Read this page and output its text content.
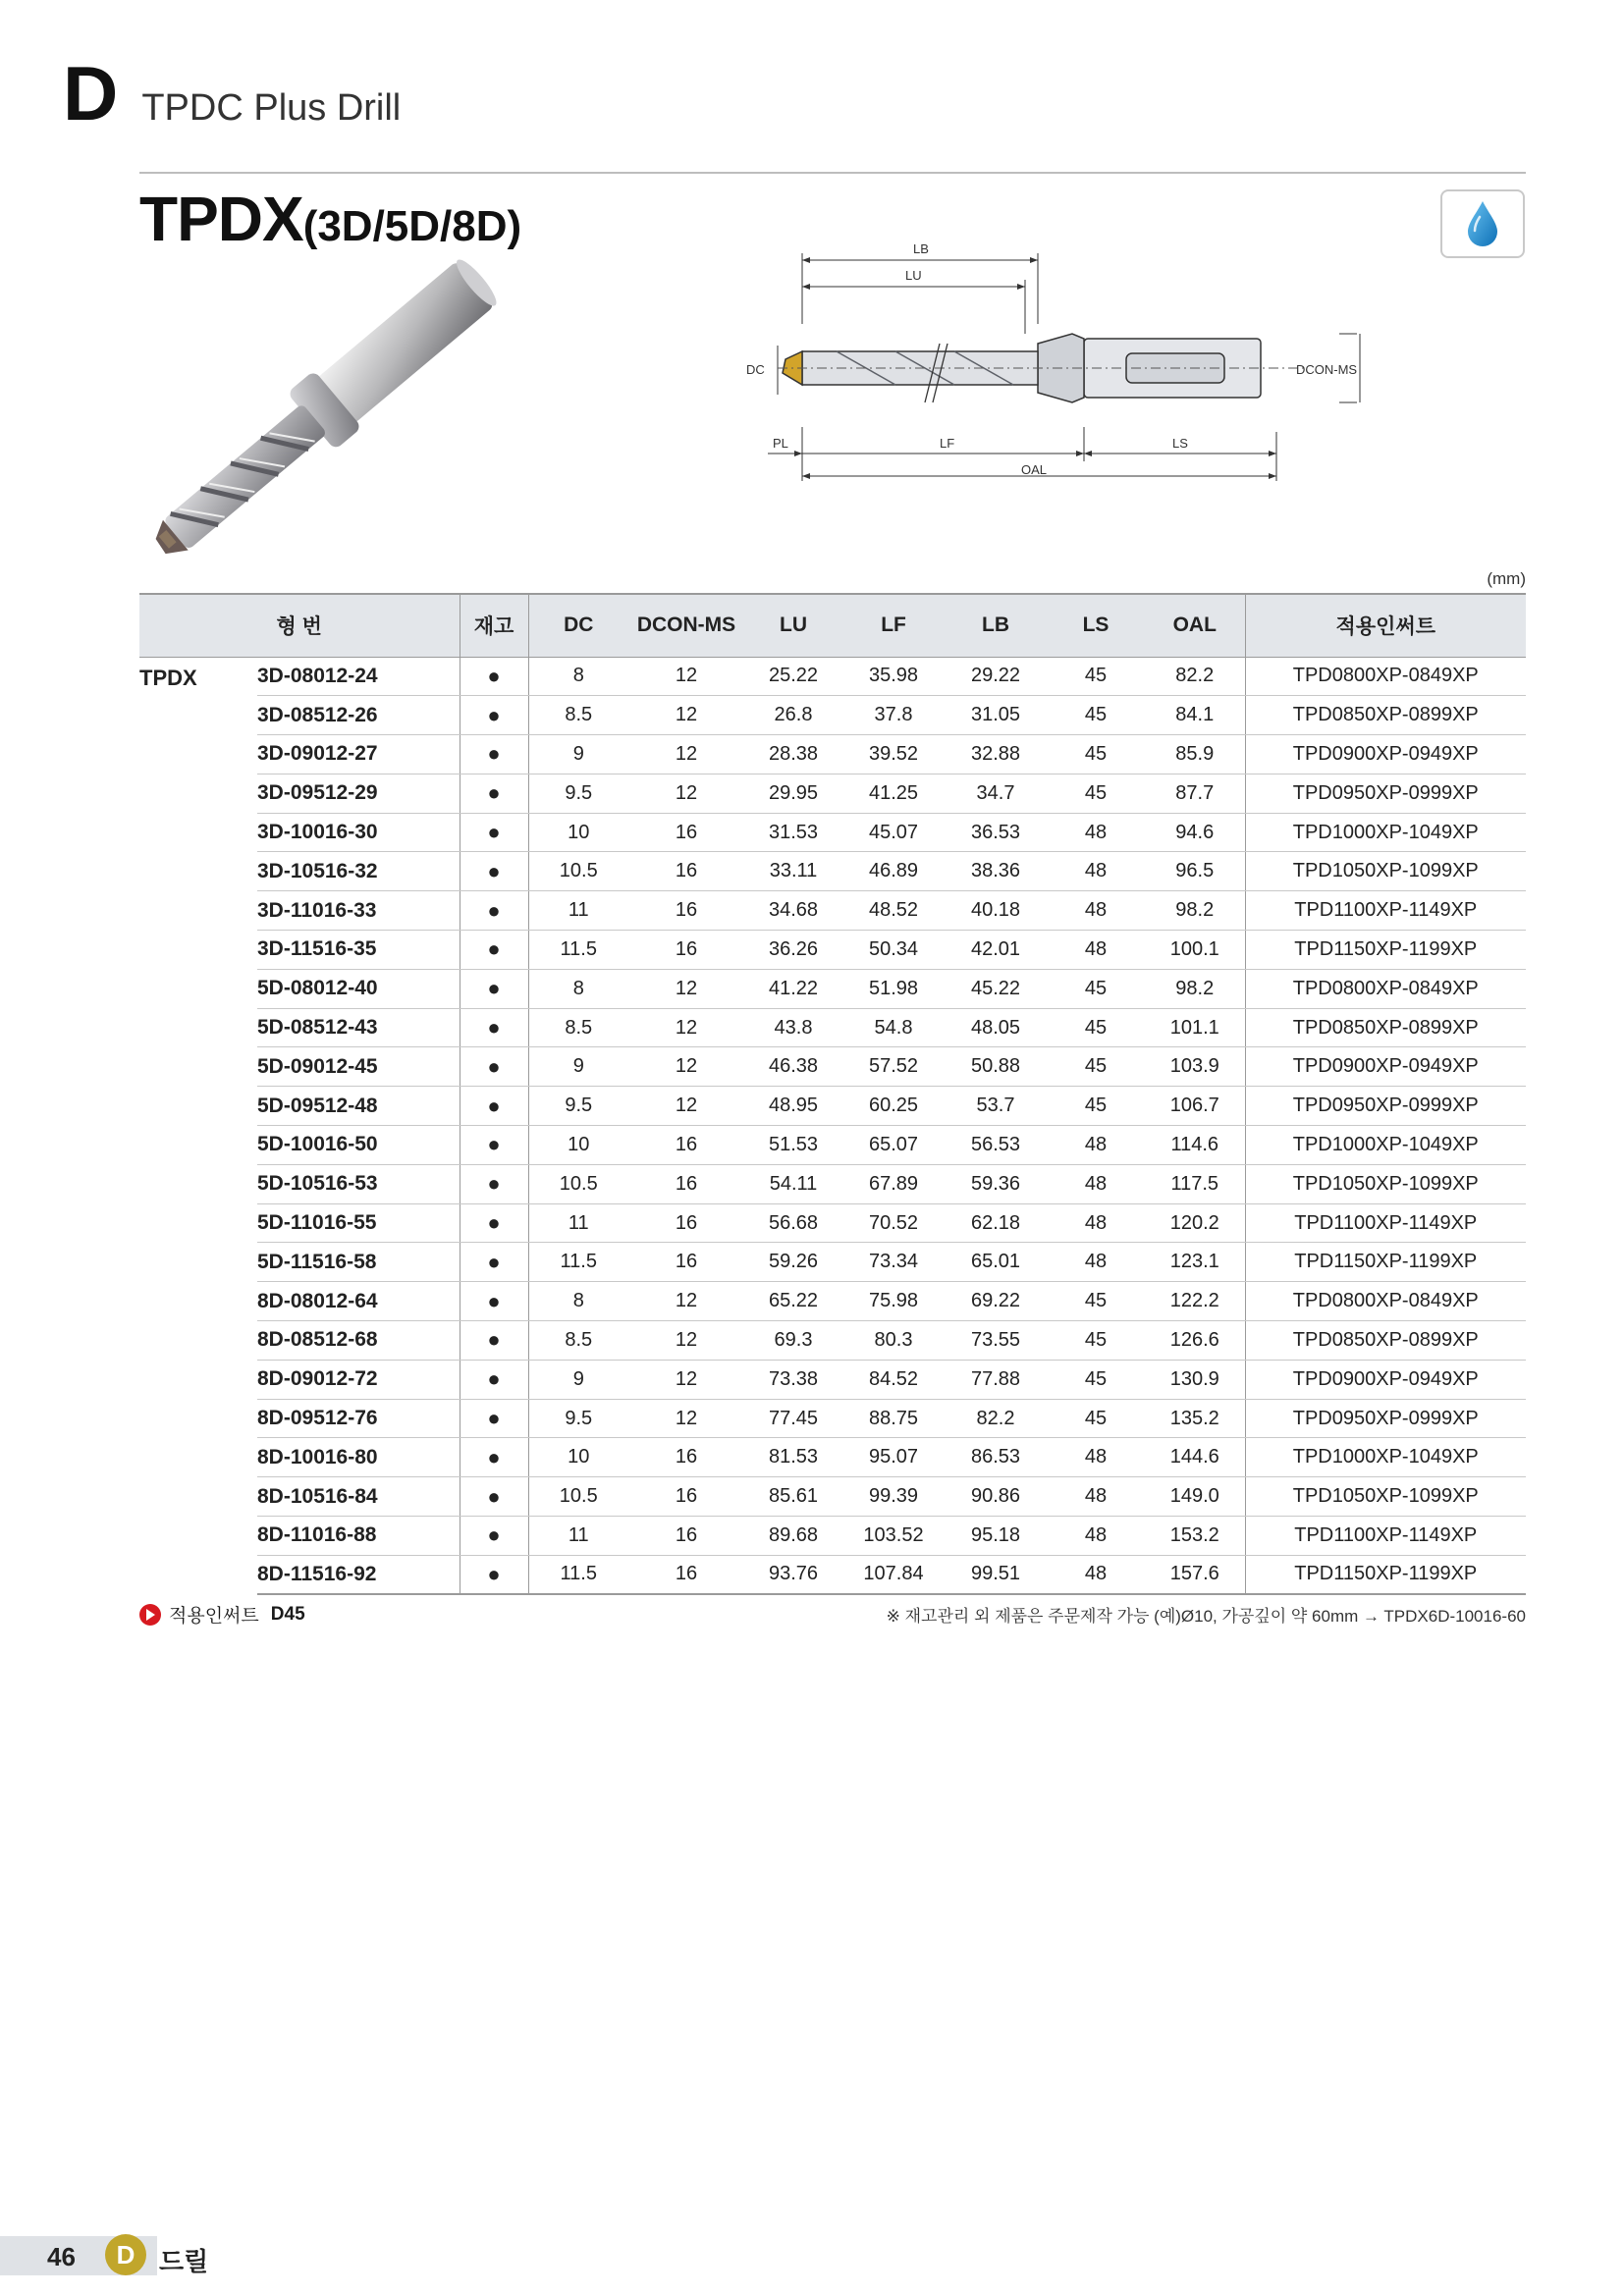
D TPDC Plus Drill
TPDX (3D/5D/8D)	LB
LU
DC	DCON-MS
PL	LF	LS
OAL
(mm)
형 번		재고	DC	DCON-MS	LU	LF	LB	LS	OAL	적용인써트
TPDX	3D-08012-24	●	8	12	25.22	35.98	29.22	45	82.2	TPD0800XP-0849XP
	3D-08512-26	●	8.5	12	26.8	37.8	31.05	45	84.1	TPD0850XP-0899XP
	3D-09012-27	●	9	12	28.38	39.52	32.88	45	85.9	TPD0900XP-0949XP
	3D-09512-29	●	9.5	12	29.95	41.25	34.7	45	87.7	TPD0950XP-0999XP
	3D-10016-30	●	10	16	31.53	45.07	36.53	48	94.6	TPD1000XP-1049XP
	3D-10516-32	●	10.5	16	33.11	46.89	38.36	48	96.5	TPD1050XP-1099XP
	3D-11016-33	●	11	16	34.68	48.52	40.18	48	98.2	TPD1100XP-1149XP
	3D-11516-35	●	11.5	16	36.26	50.34	42.01	48	100.1	TPD1150XP-1199XP
	5D-08012-40	●	8	12	41.22	51.98	45.22	45	98.2	TPD0800XP-0849XP
	5D-08512-43	●	8.5	12	43.8	54.8	48.05	45	101.1	TPD0850XP-0899XP
	5D-09012-45	●	9	12	46.38	57.52	50.88	45	103.9	TPD0900XP-0949XP
	5D-09512-48	●	9.5	12	48.95	60.25	53.7	45	106.7	TPD0950XP-0999XP
	5D-10016-50	●	10	16	51.53	65.07	56.53	48	114.6	TPD1000XP-1049XP
	5D-10516-53	●	10.5	16	54.11	67.89	59.36	48	117.5	TPD1050XP-1099XP
	5D-11016-55	●	11	16	56.68	70.52	62.18	48	120.2	TPD1100XP-1149XP
	5D-11516-58	●	11.5	16	59.26	73.34	65.01	48	123.1	TPD1150XP-1199XP
	8D-08012-64	●	8	12	65.22	75.98	69.22	45	122.2	TPD0800XP-0849XP
	8D-08512-68	●	8.5	12	69.3	80.3	73.55	45	126.6	TPD0850XP-0899XP
	8D-09012-72	●	9	12	73.38	84.52	77.88	45	130.9	TPD0900XP-0949XP
	8D-09512-76	●	9.5	12	77.45	88.75	82.2	45	135.2	TPD0950XP-0999XP
	8D-10016-80	●	10	16	81.53	95.07	86.53	48	144.6	TPD1000XP-1049XP
	8D-10516-84	●	10.5	16	85.61	99.39	90.86	48	149.0	TPD1050XP-1099XP
	8D-11016-88	●	11	16	89.68	103.52	95.18	48	153.2	TPD1100XP-1149XP
	8D-11516-92	●	11.5	16	93.76	107.84	99.51	48	157.6	TPD1150XP-1199XP
적용인써트 D45	※ 재고관리 외 제품은 주문제작 가능 (예)Ø10, 가공깊이 약 60mm → TPDX6D-10016-60
46	D 드릴
